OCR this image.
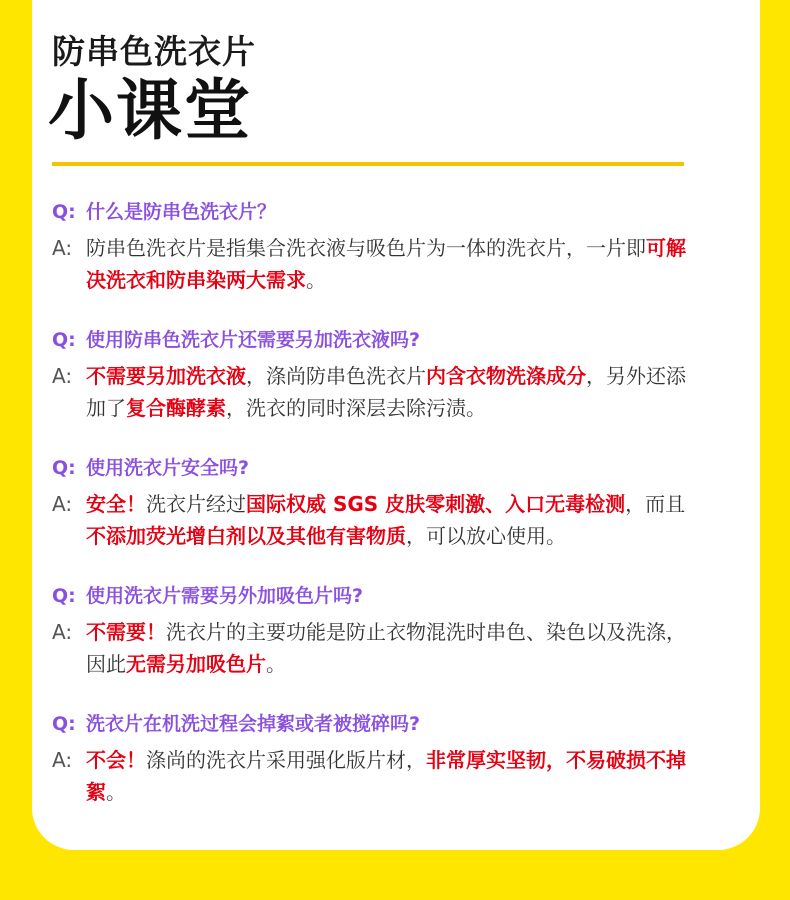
防串色洗衣片
小课堂
Q: 什么是防串色洗衣片？
A: 防串色洗衣片是指集合洗衣液与吸色片为一体的洗衣片，一片即可解决洗衣和防串染两大需求。
Q: 使用防串色洗衣片还需要另加洗衣液吗?
A: 不需要另加洗衣液，涤尚防串色洗衣片内含衣物洗涤成分，另外还添加了复合酶酵素，洗衣的同时深层去除污渍。
Q: 使用洗衣片安全吗?
A: 安全！洗衣片经过国际权威 SGS 皮肤零刺激、入口无毒检测，而且不添加荧光增白剂以及其他有害物质，可以放心使用。
Q: 使用洗衣片需要另外加吸色片吗?
A: 不需要！洗衣片的主要功能是防止衣物混洗时串色、染色以及洗涤，因此无需另加吸色片。
Q: 洗衣片在机洗过程会掉絮或者被搅碎吗?
A: 不会！涤尚的洗衣片采用强化版片材，非常厚实坚韧，不易破损不掉絮。
